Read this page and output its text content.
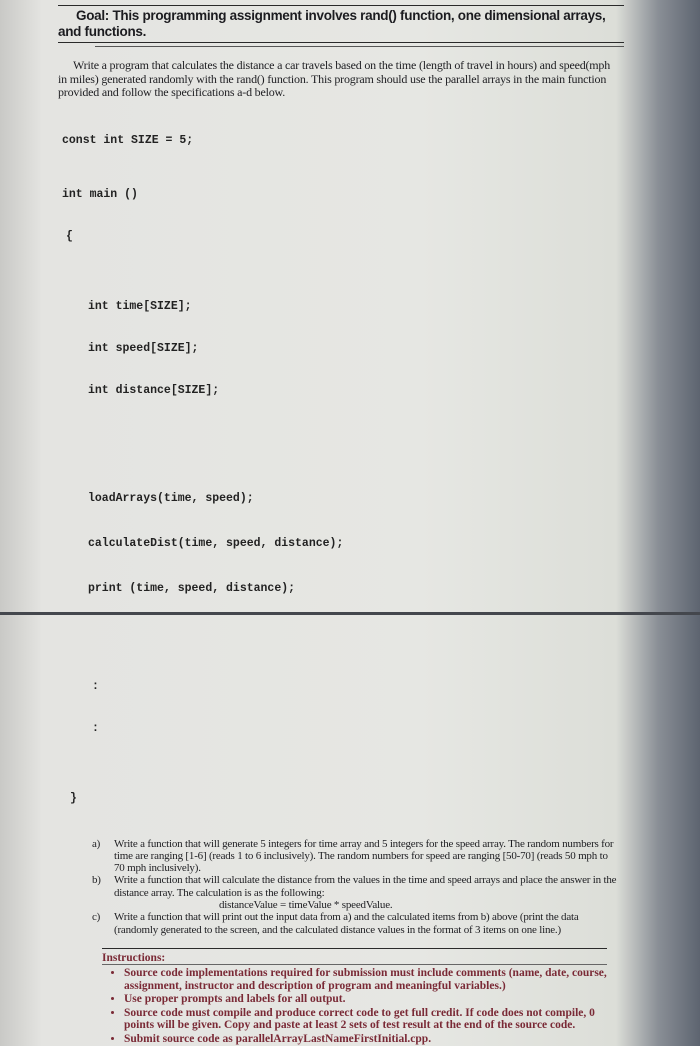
Goal: This programming assignment involves rand() function, one dimensional arrays, and functions.

Write a program that calculates the distance a car travels based on the time (length of travel in hours) and speed(mph in miles) generated randomly with the rand() function. This program should use the parallel arrays in the main function provided and follow the specifications a-d below.

const int SIZE = 5;

int main ()

{

int time[SIZE];

int speed[SIZE];

int distance[SIZE];

loadArrays(time, speed);

calculateDist(time, speed, distance);

print (time, speed, distance);

:

:

}

a)	Write a function that will generate 5 integers for time array and 5 integers for the speed array. The random numbers for time are ranging [1-6] (reads 1 to 6 inclusively). The random numbers for speed are ranging [50-70] (reads 50 mph to 70 mph inclusively).
b)	Write a function that will calculate the distance from the values in the time and speed arrays and place the answer in the distance array. The calculation is as the following:
distanceValue = timeValue * speedValue.
c)	Write a function that will print out the input data from a) and the calculated items from b) above (print the data (randomly generated to the screen, and the calculated distance values in the format of 3 items on one line.)
Instructions:
• Source code implementations required for submission must include comments (name, date, course, assignment, instructor and description of program and meaningful variables.)
• Use proper prompts and labels for all output.
• Source code must compile and produce correct code to get full credit. If code does not compile, 0 points will be given. Copy and paste at least 2 sets of test result at the end of the source code.
• Submit source code as parallelArrayLastNameFirstInitial.cpp.
